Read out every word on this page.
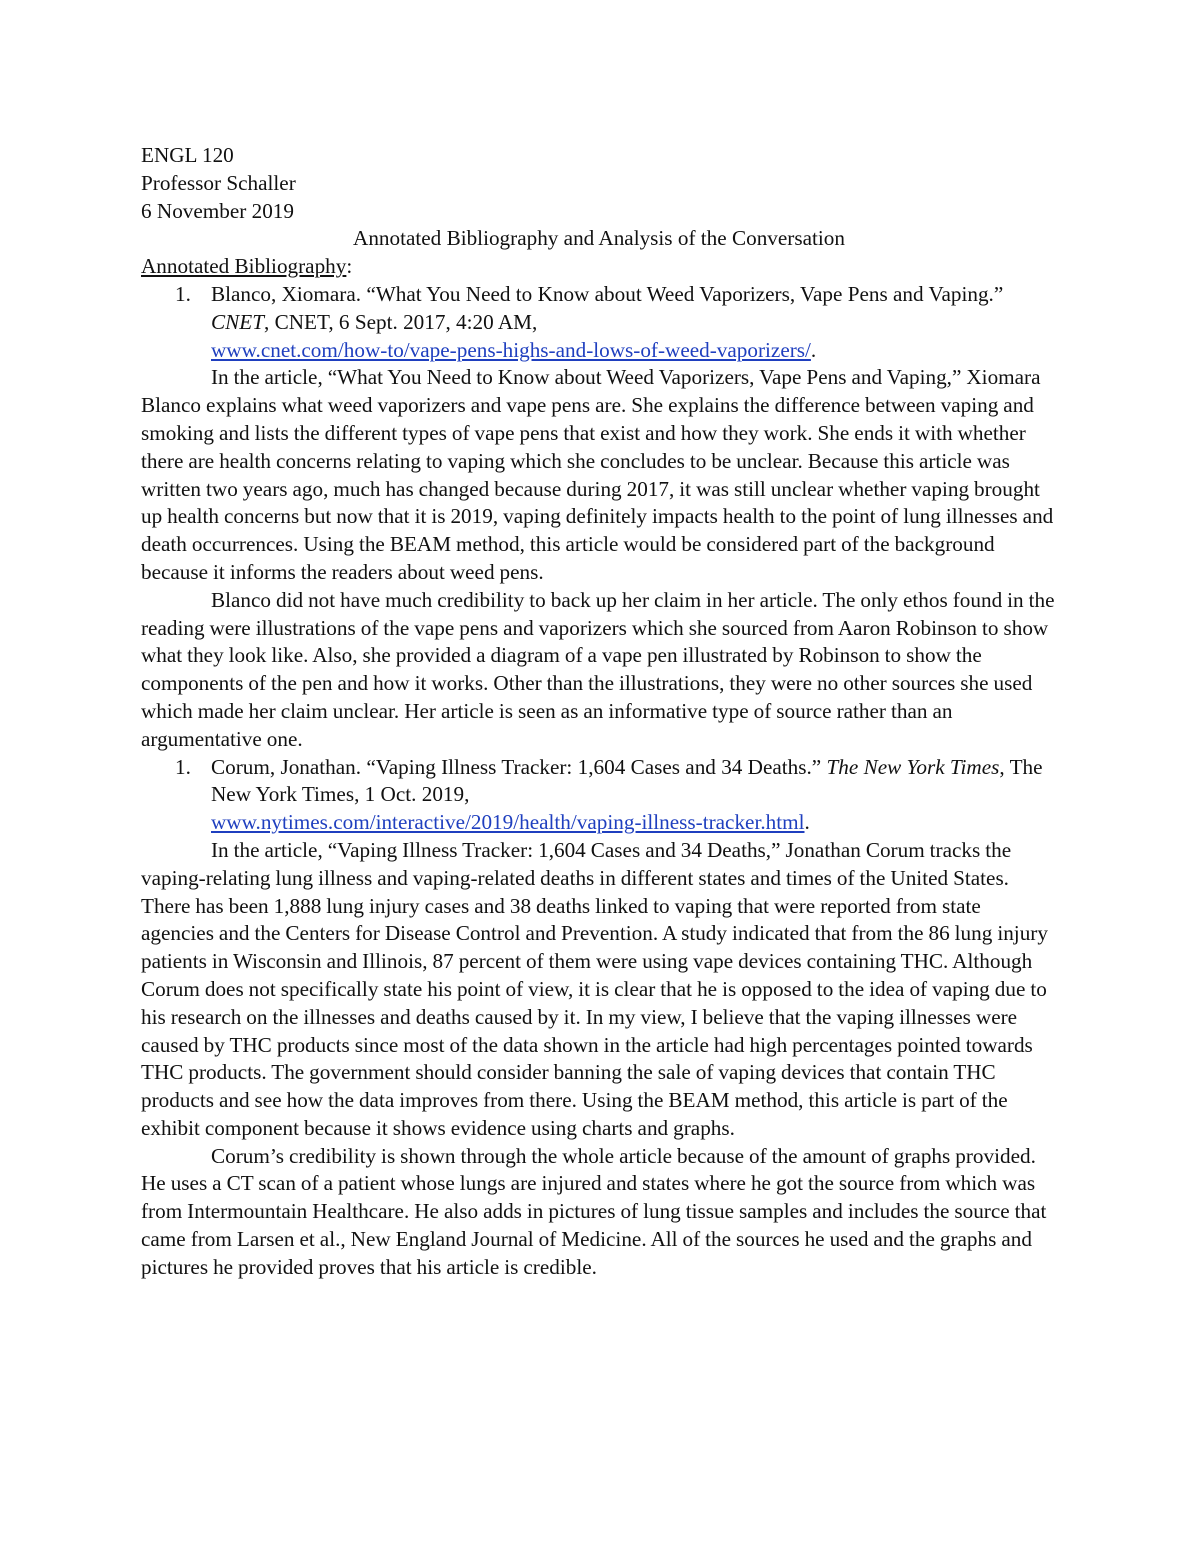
ENGL 120

Professor Schaller

6 November 2019

Annotated Bibliography and Analysis of the Conversation

Annotated Bibliography:

1. Blanco, Xiomara. “What You Need to Know about Weed Vaporizers, Vape Pens and Vaping.” CNET, CNET, 6 Sept. 2017, 4:20 AM,
www.cnet.com/how-to/vape-pens-highs-and-lows-of-weed-vaporizers/.

In the article, “What You Need to Know about Weed Vaporizers, Vape Pens and Vaping,” Xiomara Blanco explains what weed vaporizers and vape pens are. She explains the difference between vaping and smoking and lists the different types of vape pens that exist and how they work. She ends it with whether there are health concerns relating to vaping which she concludes to be unclear. Because this article was written two years ago, much has changed because during 2017, it was still unclear whether vaping brought up health concerns but now that it is 2019, vaping definitely impacts health to the point of lung illnesses and death occurrences. Using the BEAM method, this article would be considered part of the background because it informs the readers about weed pens.

Blanco did not have much credibility to back up her claim in her article. The only ethos found in the reading were illustrations of the vape pens and vaporizers which she sourced from Aaron Robinson to show what they look like. Also, she provided a diagram of a vape pen illustrated by Robinson to show the components of the pen and how it works. Other than the illustrations, they were no other sources she used which made her claim unclear. Her article is seen as an informative type of source rather than an argumentative one.

1. Corum, Jonathan. “Vaping Illness Tracker: 1,604 Cases and 34 Deaths.” The New York Times, The New York Times, 1 Oct. 2019,
www.nytimes.com/interactive/2019/health/vaping-illness-tracker.html.

In the article, “Vaping Illness Tracker: 1,604 Cases and 34 Deaths,” Jonathan Corum tracks the vaping-relating lung illness and vaping-related deaths in different states and times of the United States. There has been 1,888 lung injury cases and 38 deaths linked to vaping that were reported from state agencies and the Centers for Disease Control and Prevention. A study indicated that from the 86 lung injury patients in Wisconsin and Illinois, 87 percent of them were using vape devices containing THC. Although Corum does not specifically state his point of view, it is clear that he is opposed to the idea of vaping due to his research on the illnesses and deaths caused by it. In my view, I believe that the vaping illnesses were caused by THC products since most of the data shown in the article had high percentages pointed towards THC products. The government should consider banning the sale of vaping devices that contain THC products and see how the data improves from there. Using the BEAM method, this article is part of the exhibit component because it shows evidence using charts and graphs.

Corum’s credibility is shown through the whole article because of the amount of graphs provided. He uses a CT scan of a patient whose lungs are injured and states where he got the source from which was from Intermountain Healthcare. He also adds in pictures of lung tissue samples and includes the source that came from Larsen et al., New England Journal of Medicine. All of the sources he used and the graphs and pictures he provided proves that his article is credible.
